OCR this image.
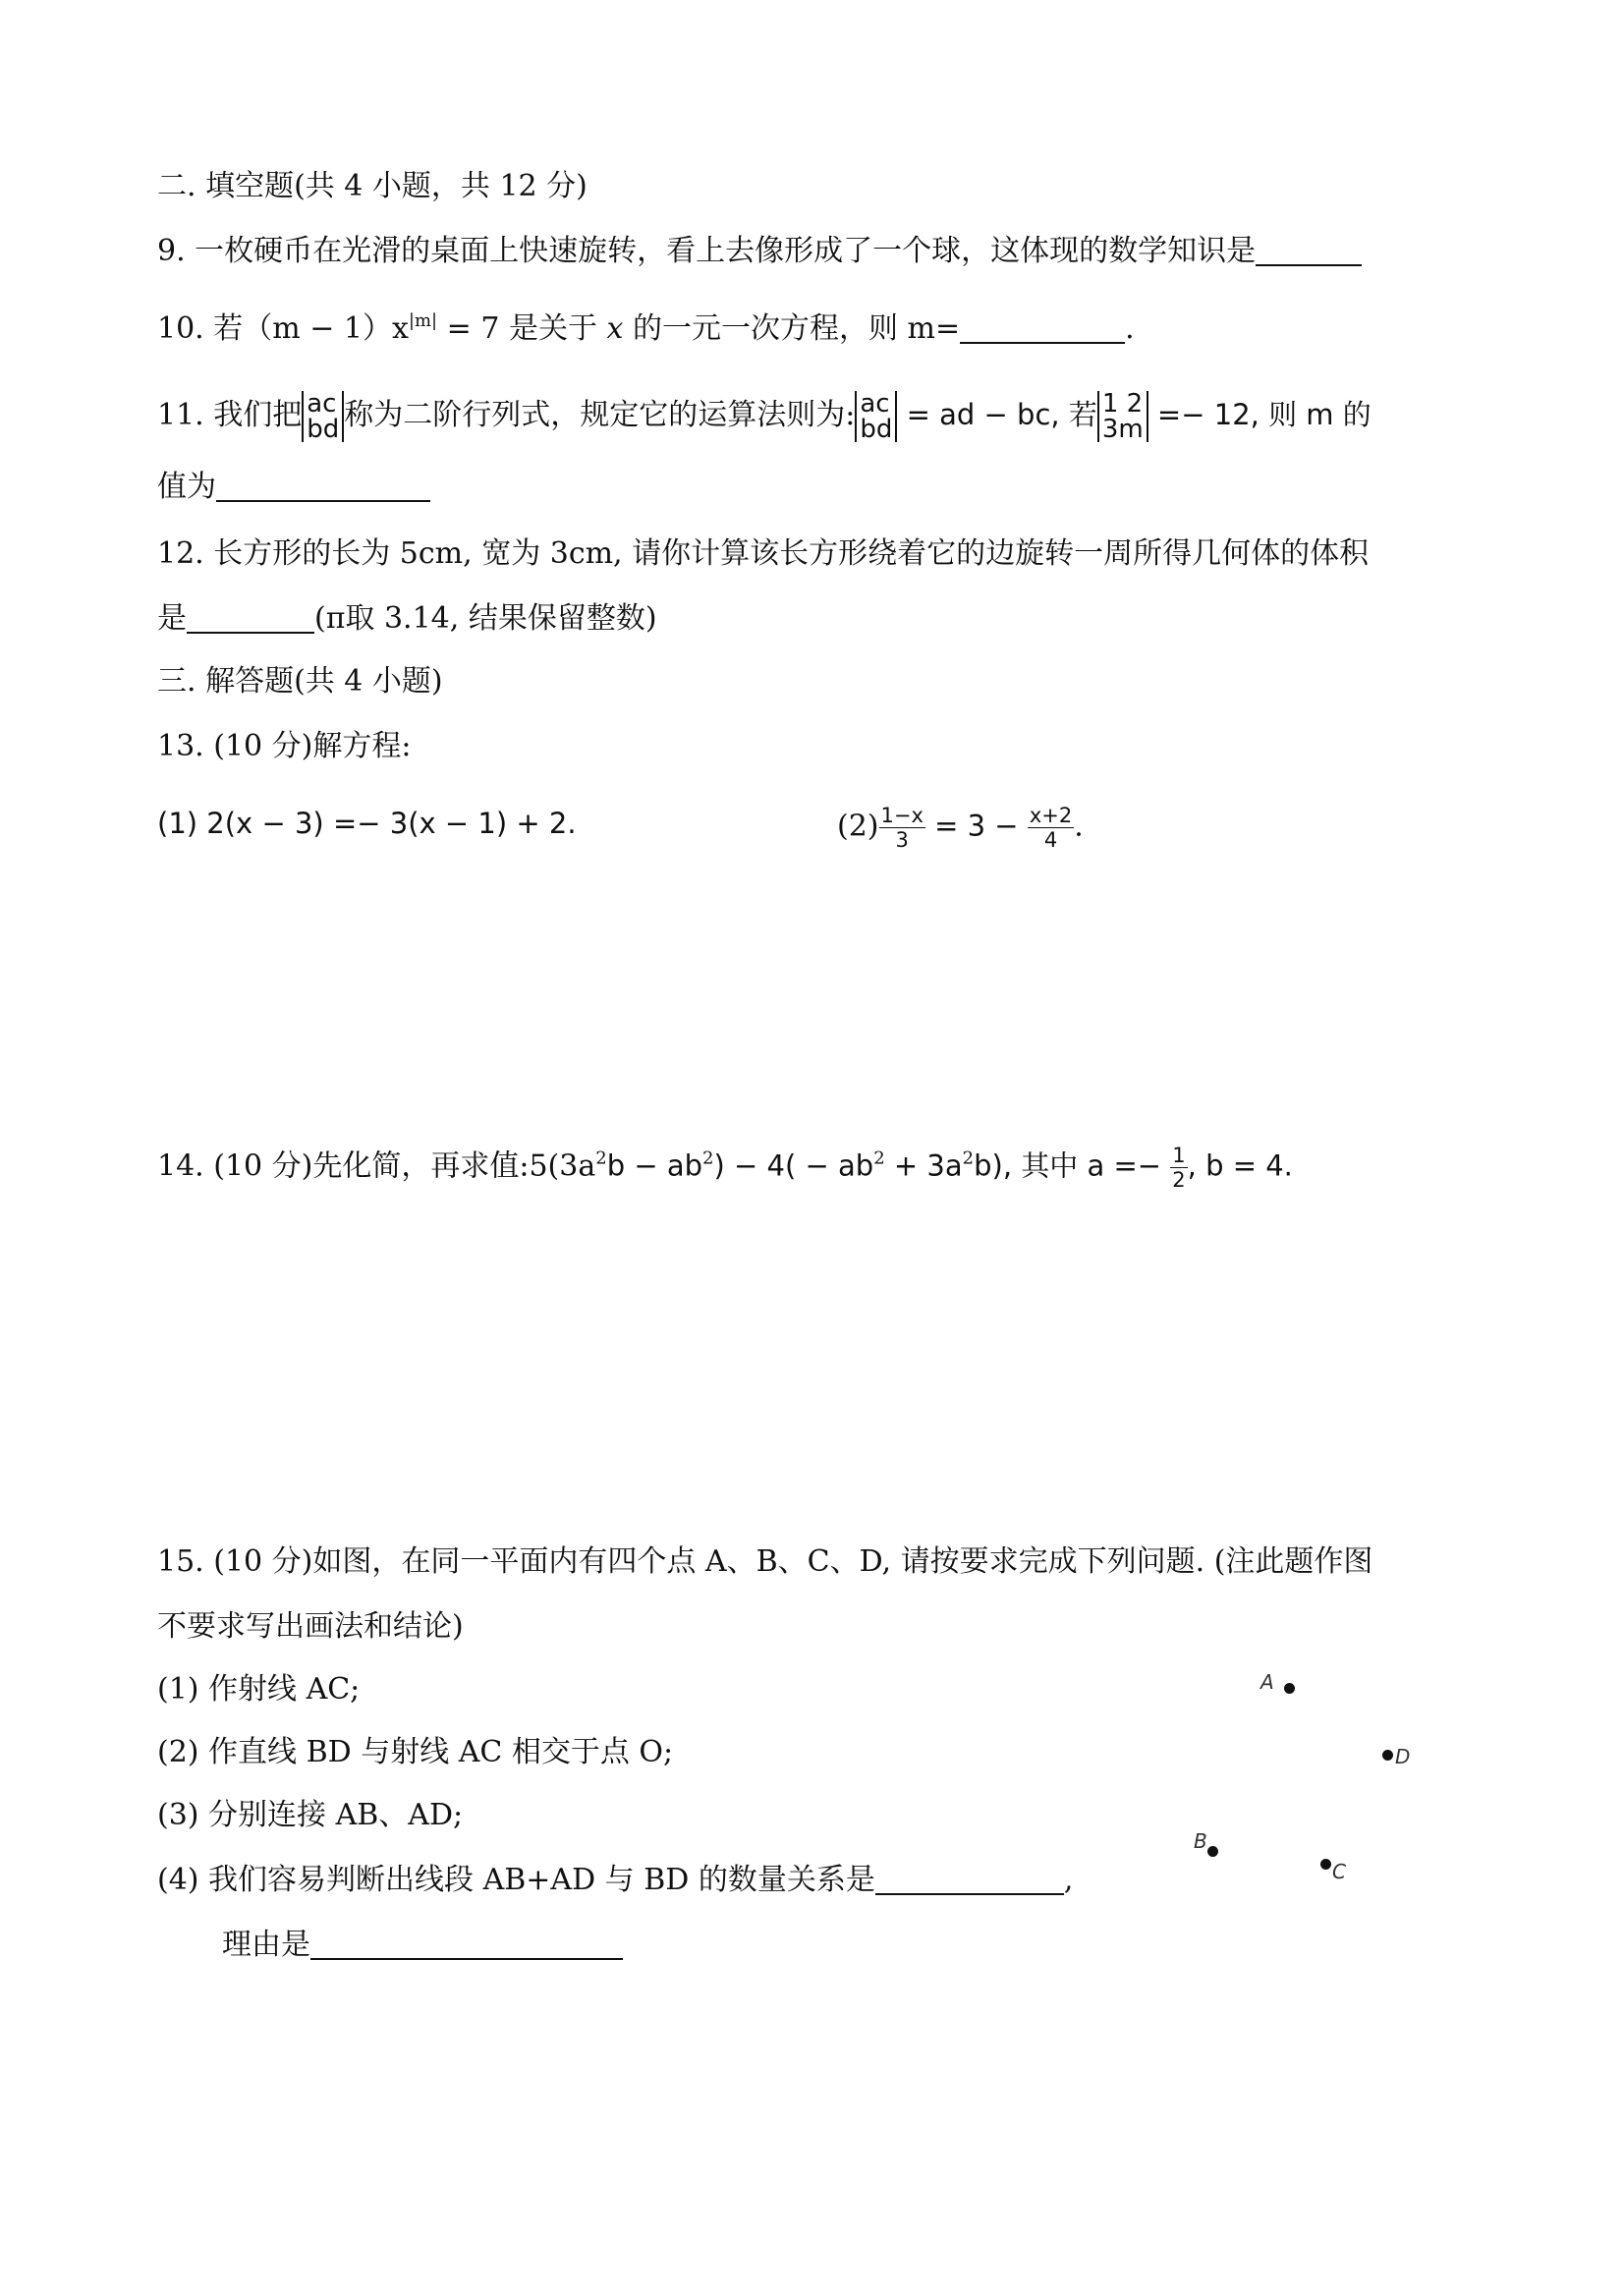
二. 填空题(共 4 小题，共 12 分)
9. 一枚硬币在光滑的桌面上快速旋转，看上去像形成了一个球，这体现的数学知识是
10. 若$(m - 1)x^{|m|} = 7$ 是关于 x 的一元一次方程，则 m=	.
11. 我们把 ac
bd 称为二阶行列式，规定它的运算法则为: ac
bd = ad − bc, 若 1 2
3m =− 12, 则 m 的
值为
12. 长方形的长为 5cm, 宽为 3cm, 请你计算该长方形绕着它的边旋转一周所得几何体的体积
是	(π取 3.14, 结果保留整数)
三. 解答题(共 4 小题)
13. (10 分)解方程:
(1) 2(x − 3) =− 3(x − 1) + 2.	$(2) \frac{1-x}{3} = 3 - \frac{x+2}{4}$ .
14. (10 分)先化简，再求值$:5(3a^2b - ab^2) - 4( - ab^2 + 3a^2b)$, 其中 $a =- \frac{1}{2}$ , b = 4.
15. (10 分)如图，在同一平面内有四个点 A、B、C、D, 请按要求完成下列问题. (注此题作图
不要求写出画法和结论)
(1) 作射线 AC;
(2) 作直线 BD 与射线 AC 相交于点 O;
(3) 分别连接 AB、AD;
(4) 我们容易判断出线段 AB+AD 与 BD 的数量关系是	,
理由是
A
D
B
C
